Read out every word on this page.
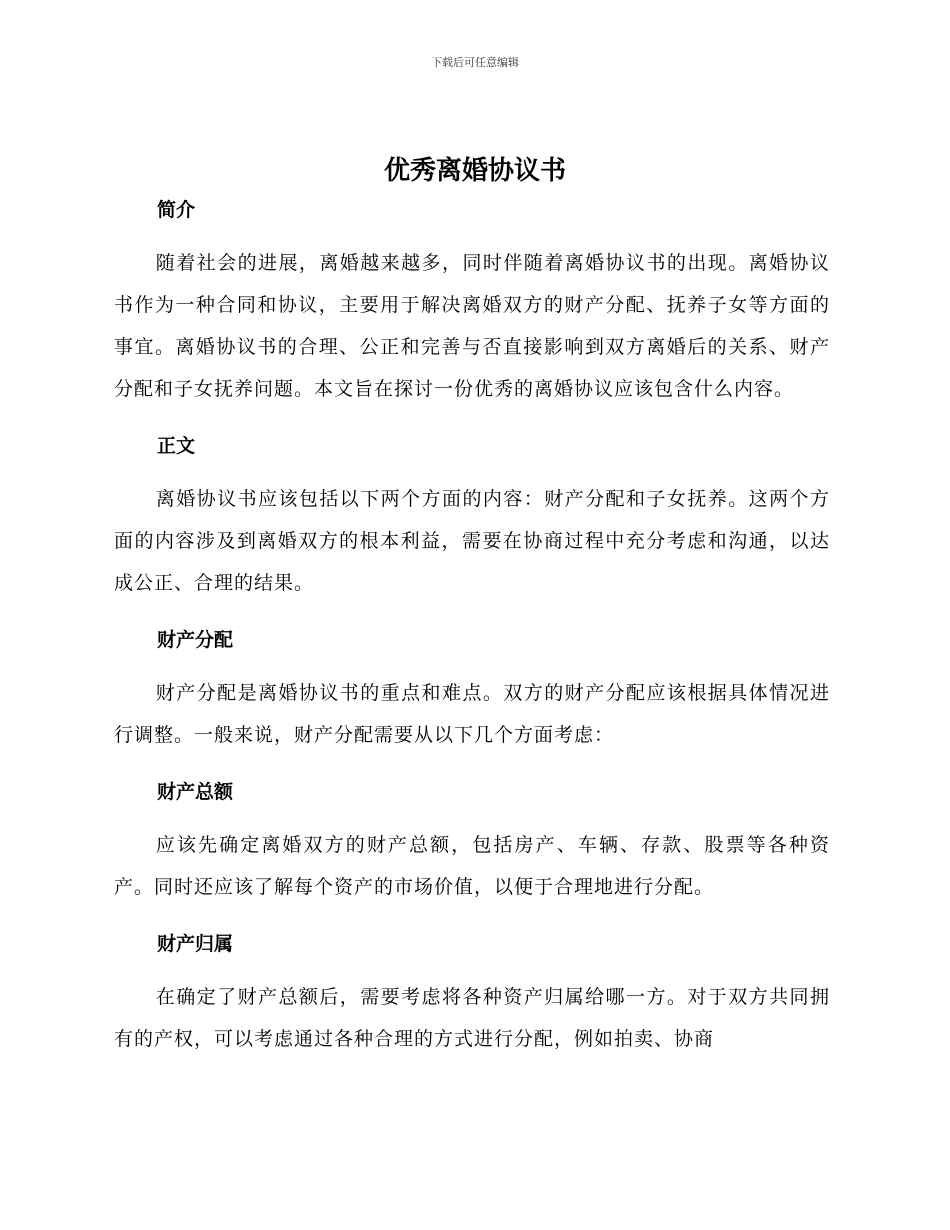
下载后可任意编辑
优秀离婚协议书
简介

随着社会的进展，离婚越来越多，同时伴随着离婚协议书的出现。离婚协议书作为一种合同和协议，主要用于解决离婚双方的财产分配、抚养子女等方面的事宜。离婚协议书的合理、公正和完善与否直接影响到双方离婚后的关系、财产分配和子女抚养问题。本文旨在探讨一份优秀的离婚协议应该包含什么内容。

正文

离婚协议书应该包括以下两个方面的内容：财产分配和子女抚养。这两个方面的内容涉及到离婚双方的根本利益，需要在协商过程中充分考虑和沟通，以达成公正、合理的结果。

财产分配

财产分配是离婚协议书的重点和难点。双方的财产分配应该根据具体情况进行调整。一般来说，财产分配需要从以下几个方面考虑：

财产总额

应该先确定离婚双方的财产总额，包括房产、车辆、存款、股票等各种资产。同时还应该了解每个资产的市场价值，以便于合理地进行分配。

财产归属

在确定了财产总额后，需要考虑将各种资产归属给哪一方。对于双方共同拥有的产权，可以考虑通过各种合理的方式进行分配，例如拍卖、协商
